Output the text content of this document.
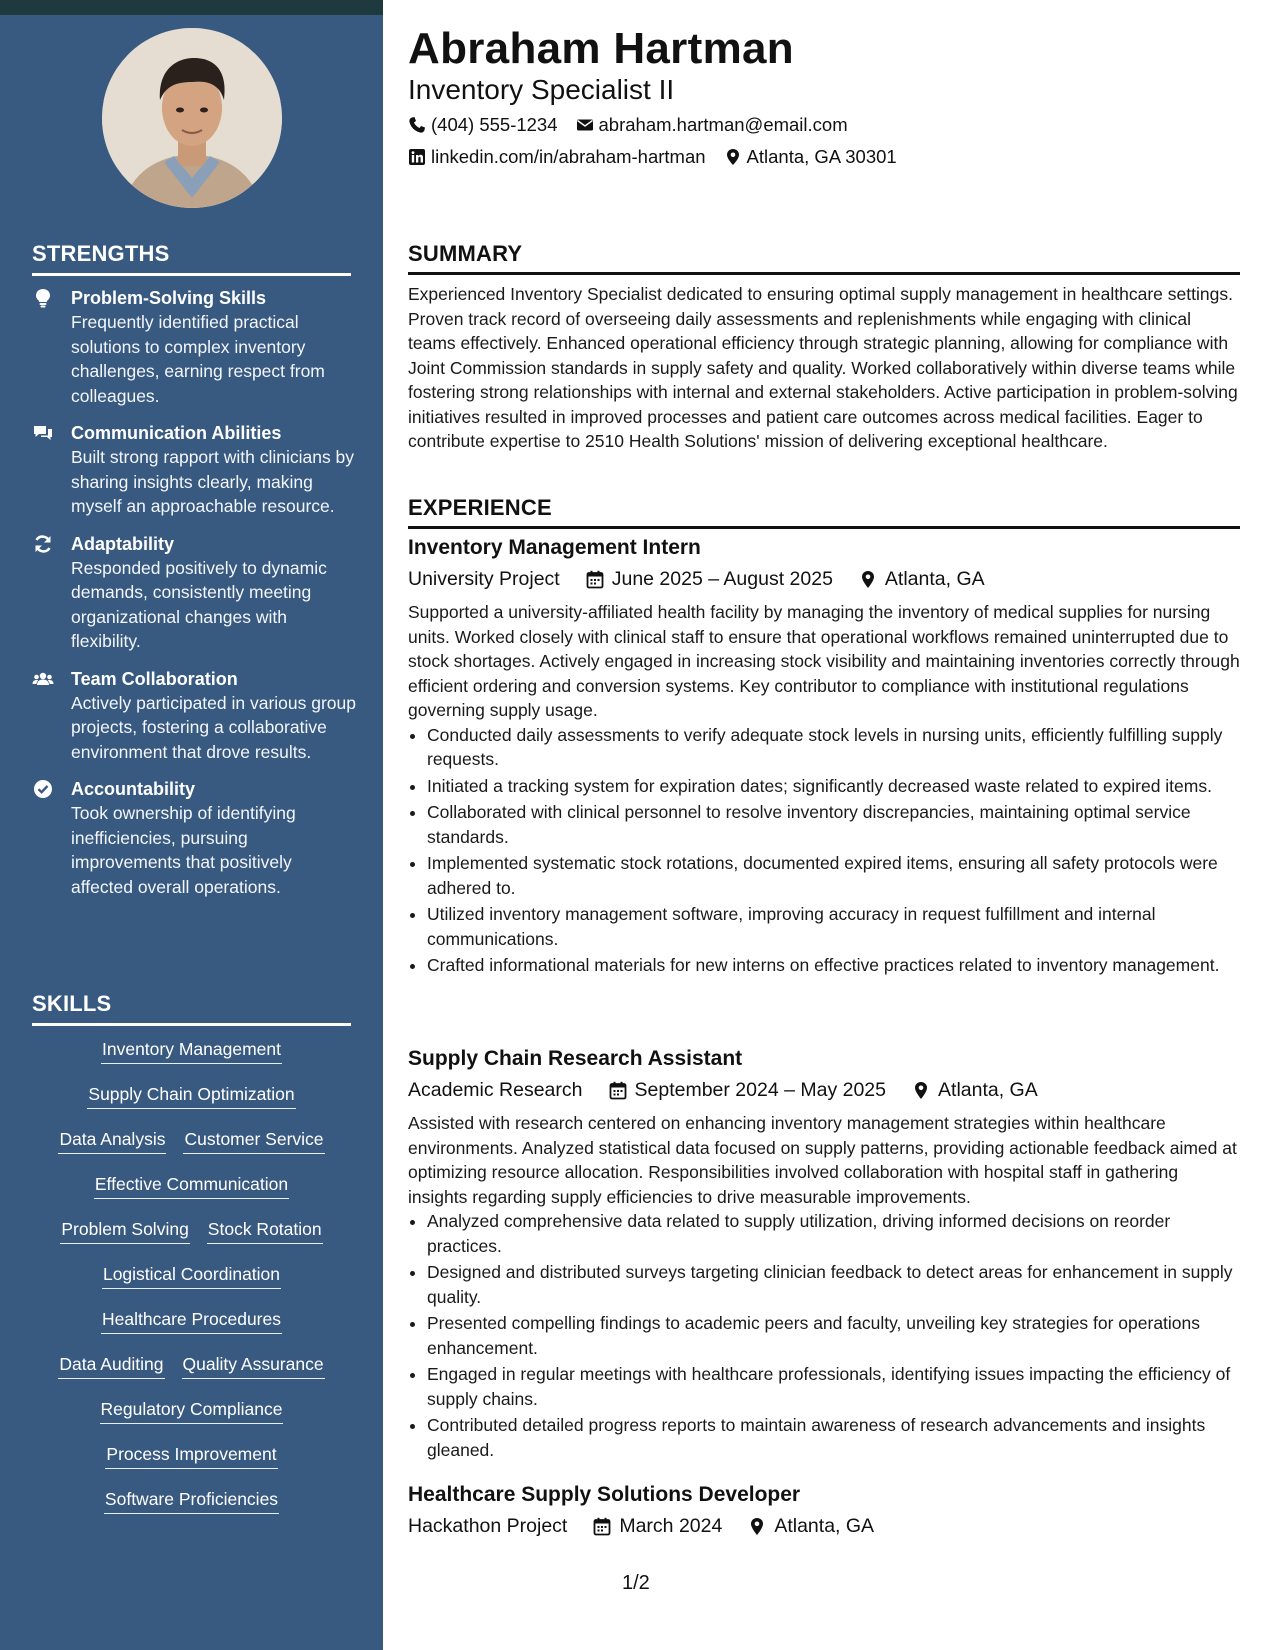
STRENGTHS
Problem-Solving Skills
Frequently identified practical solutions to complex inventory challenges, earning respect from colleagues.
Communication Abilities
Built strong rapport with clinicians by sharing insights clearly, making myself an approachable resource.
Adaptability
Responded positively to dynamic demands, consistently meeting organizational changes with flexibility.
Team Collaboration
Actively participated in various group projects, fostering a collaborative environment that drove results.
Accountability
Took ownership of identifying inefficiencies, pursuing improvements that positively affected overall operations.
SKILLS
Inventory Management
Supply Chain Optimization
Data Analysis Customer Service
Effective Communication
Problem Solving Stock Rotation
Logistical Coordination
Healthcare Procedures
Data Auditing Quality Assurance
Regulatory Compliance
Process Improvement
Software Proficiencies
Abraham Hartman
Inventory Specialist II
(404) 555-1234 abraham.hartman@email.com
linkedin.com/in/abraham-hartman Atlanta, GA 30301
SUMMARY
Experienced Inventory Specialist dedicated to ensuring optimal supply management in healthcare settings. Proven track record of overseeing daily assessments and replenishments while engaging with clinical teams effectively. Enhanced operational efficiency through strategic planning, allowing for compliance with Joint Commission standards in supply safety and quality. Worked collaboratively within diverse teams while fostering strong relationships with internal and external stakeholders. Active participation in problem-solving initiatives resulted in improved processes and patient care outcomes across medical facilities. Eager to contribute expertise to 2510 Health Solutions' mission of delivering exceptional healthcare.
EXPERIENCE
Inventory Management Intern
University Project	June 2025 – August 2025	Atlanta, GA
Supported a university-affiliated health facility by managing the inventory of medical supplies for nursing units. Worked closely with clinical staff to ensure that operational workflows remained uninterrupted due to stock shortages. Actively engaged in increasing stock visibility and maintaining inventories correctly through efficient ordering and conversion systems. Key contributor to compliance with institutional regulations governing supply usage.
• Conducted daily assessments to verify adequate stock levels in nursing units, efficiently fulfilling supply requests.
• Initiated a tracking system for expiration dates; significantly decreased waste related to expired items.
• Collaborated with clinical personnel to resolve inventory discrepancies, maintaining optimal service standards.
• Implemented systematic stock rotations, documented expired items, ensuring all safety protocols were adhered to.
• Utilized inventory management software, improving accuracy in request fulfillment and internal communications.
• Crafted informational materials for new interns on effective practices related to inventory management.
Supply Chain Research Assistant
Academic Research	September 2024 – May 2025	Atlanta, GA
Assisted with research centered on enhancing inventory management strategies within healthcare environments. Analyzed statistical data focused on supply patterns, providing actionable feedback aimed at optimizing resource allocation. Responsibilities involved collaboration with hospital staff in gathering insights regarding supply efficiencies to drive measurable improvements.
• Analyzed comprehensive data related to supply utilization, driving informed decisions on reorder practices.
• Designed and distributed surveys targeting clinician feedback to detect areas for enhancement in supply quality.
• Presented compelling findings to academic peers and faculty, unveiling key strategies for operations enhancement.
• Engaged in regular meetings with healthcare professionals, identifying issues impacting the efficiency of supply chains.
• Contributed detailed progress reports to maintain awareness of research advancements and insights gleaned.
Healthcare Supply Solutions Developer
Hackathon Project	March 2024	Atlanta, GA
1/2
